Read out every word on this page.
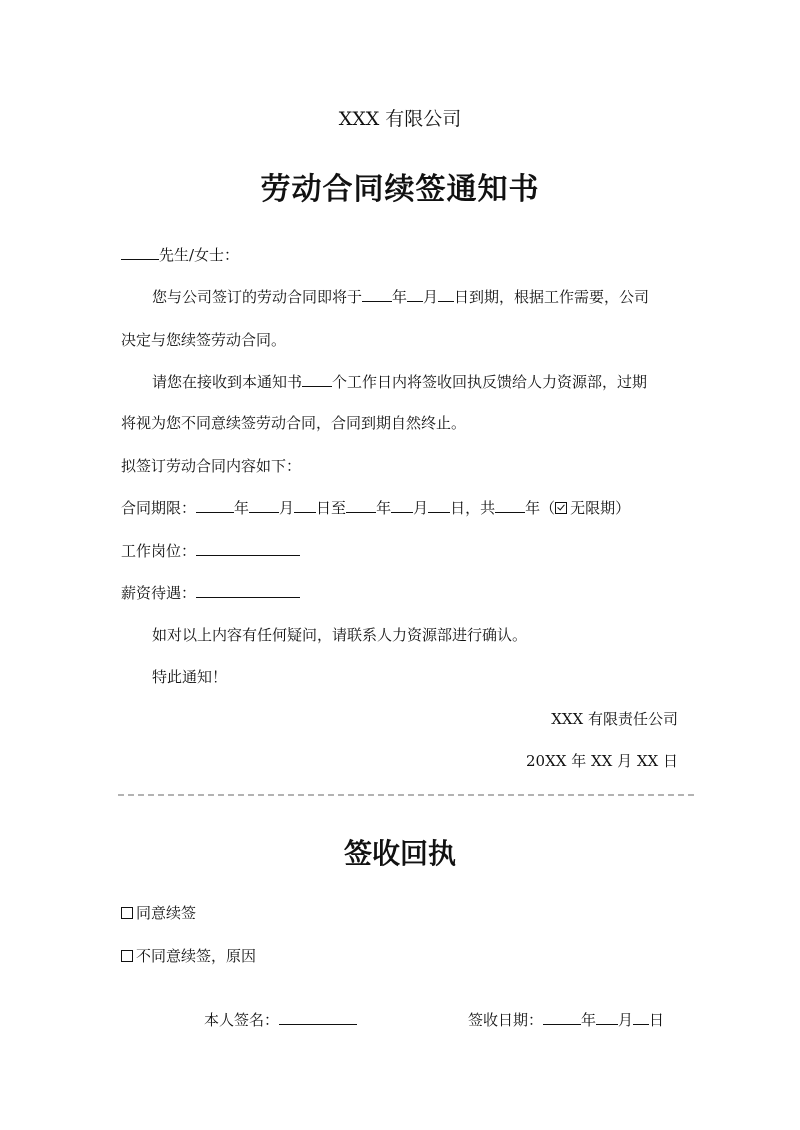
XXX 有限公司
劳动合同续签通知书
先生/女士：
您与公司签订的劳动合同即将于 年 月 日到期，根据工作需要，公司
决定与您续签劳动合同。
请您在接收到本通知书 个工作日内将签收回执反馈给人力资源部，过期
将视为您不同意续签劳动合同，合同到期自然终止。
拟签订劳动合同内容如下：
合同期限：	年 月 日至 年 月 日，共 年（ 无限期）
工作岗位：
薪资待遇：
如对以上内容有任何疑问，请联系人力资源部进行确认。
特此通知！
XXX 有限责任公司
20XX 年 XX 月 XX 日
签收回执
同意续签
不同意续签，原因
本人签名：	签收日期：	年 月 日
